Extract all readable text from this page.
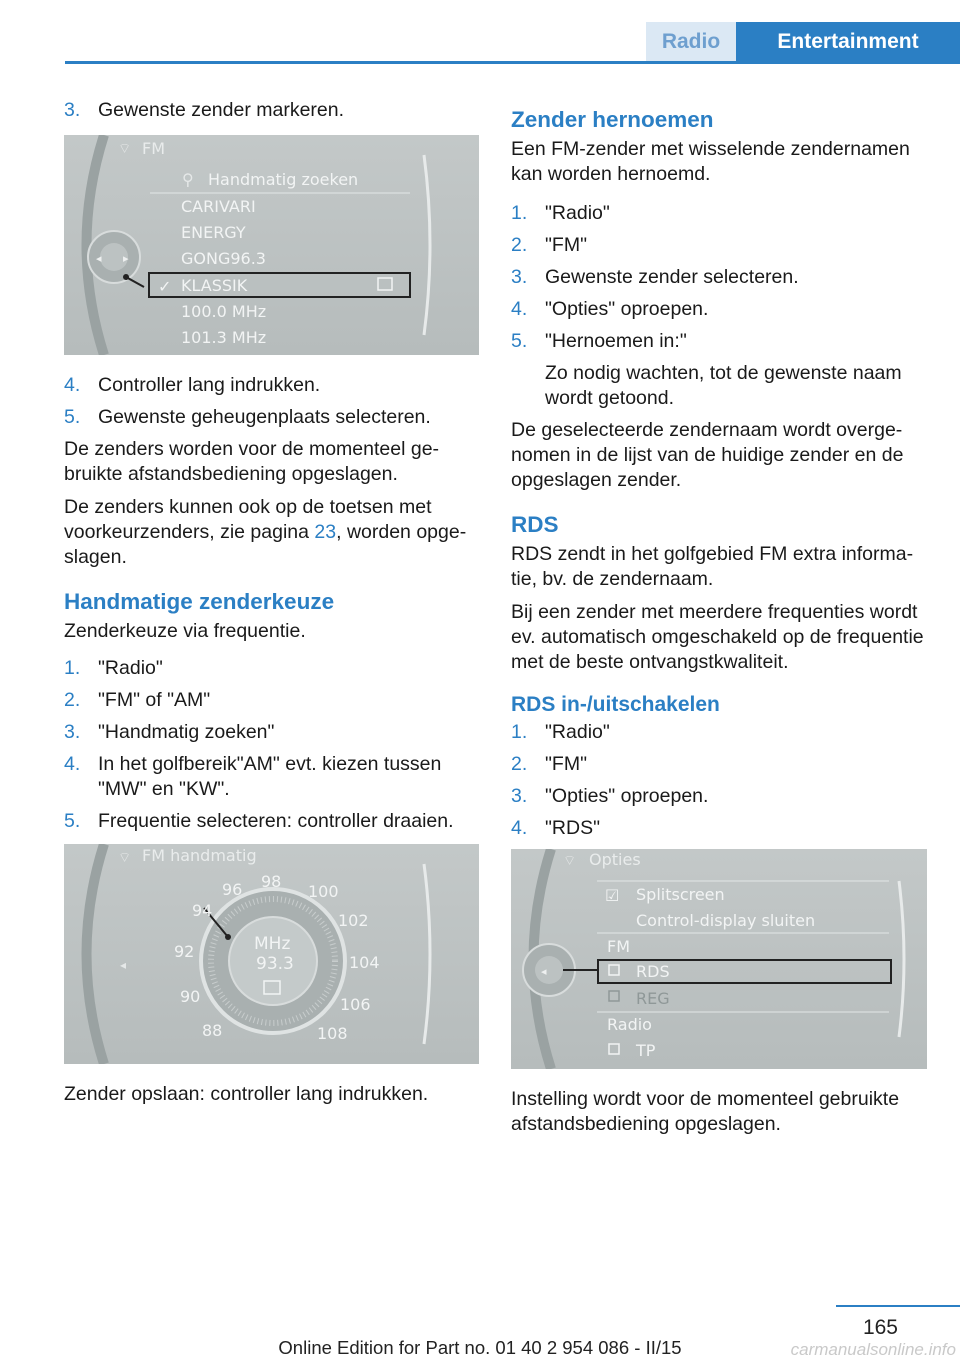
Radio	Entertainment
3. Gewenste zender markeren.
◂ ▸
⌔
⚲
✓
FM
Handmatig zoeken
CARIVARI
ENERGY
GONG96.3
KLASSIK
100.0 MHz
101.3 MHz
4. Controller lang indrukken.
5. Gewenste geheugenplaats selecteren.

De zenders worden voor de momenteel ge‐bruikte afstandsbediening opgeslagen.

De zenders kunnen ook op de toetsen met voorkeurzenders, zie pagina 23, worden opge‐slagen.

Handmatige zenderkeuze

Zenderkeuze via frequentie.

1. "Radio"
2. "FM" of "AM"
3. "Handmatig zoeken"
4. In het golfbereik"AM" evt. kiezen tussen "MW" en "KW".
5. Frequentie selecteren: controller draaien.
⌔
◂
FM handmatig
MHz
93.3
88
90
92
94
96 98
100
102
104
106
108

Zender opslaan: controller lang indrukken.

Zender hernoemen

Een FM-zender met wisselende zendernamen kan worden hernoemd.

1. "Radio"
2. "FM"
3. Gewenste zender selecteren.
4. "Opties" oproepen.
5. "Hernoemen in:"
Zo nodig wachten, tot de gewenste naam wordt getoond.

De geselecteerde zendernaam wordt overge‐nomen in de lijst van de huidige zender en de opgeslagen zender.

RDS

RDS zendt in het golfgebied FM extra informa‐tie, bv. de zendernaam.

Bij een zender met meerdere frequenties wordt ev. automatisch omgeschakeld op de frequentie met de beste ontvangstkwaliteit.

RDS in-/uitschakelen
1. "Radio"
2. "FM"
3. "Opties" oproepen.
4. "RDS"
◂
⌔
☑
Opties
Splitscreen
Control-display sluiten
FM
RDS
REG
Radio
TP

Instelling wordt voor de momenteel gebruikte afstandsbediening opgeslagen.

165
Online Edition for Part no. 01 40 2 954 086 - II/15	carmanualsonline.info
